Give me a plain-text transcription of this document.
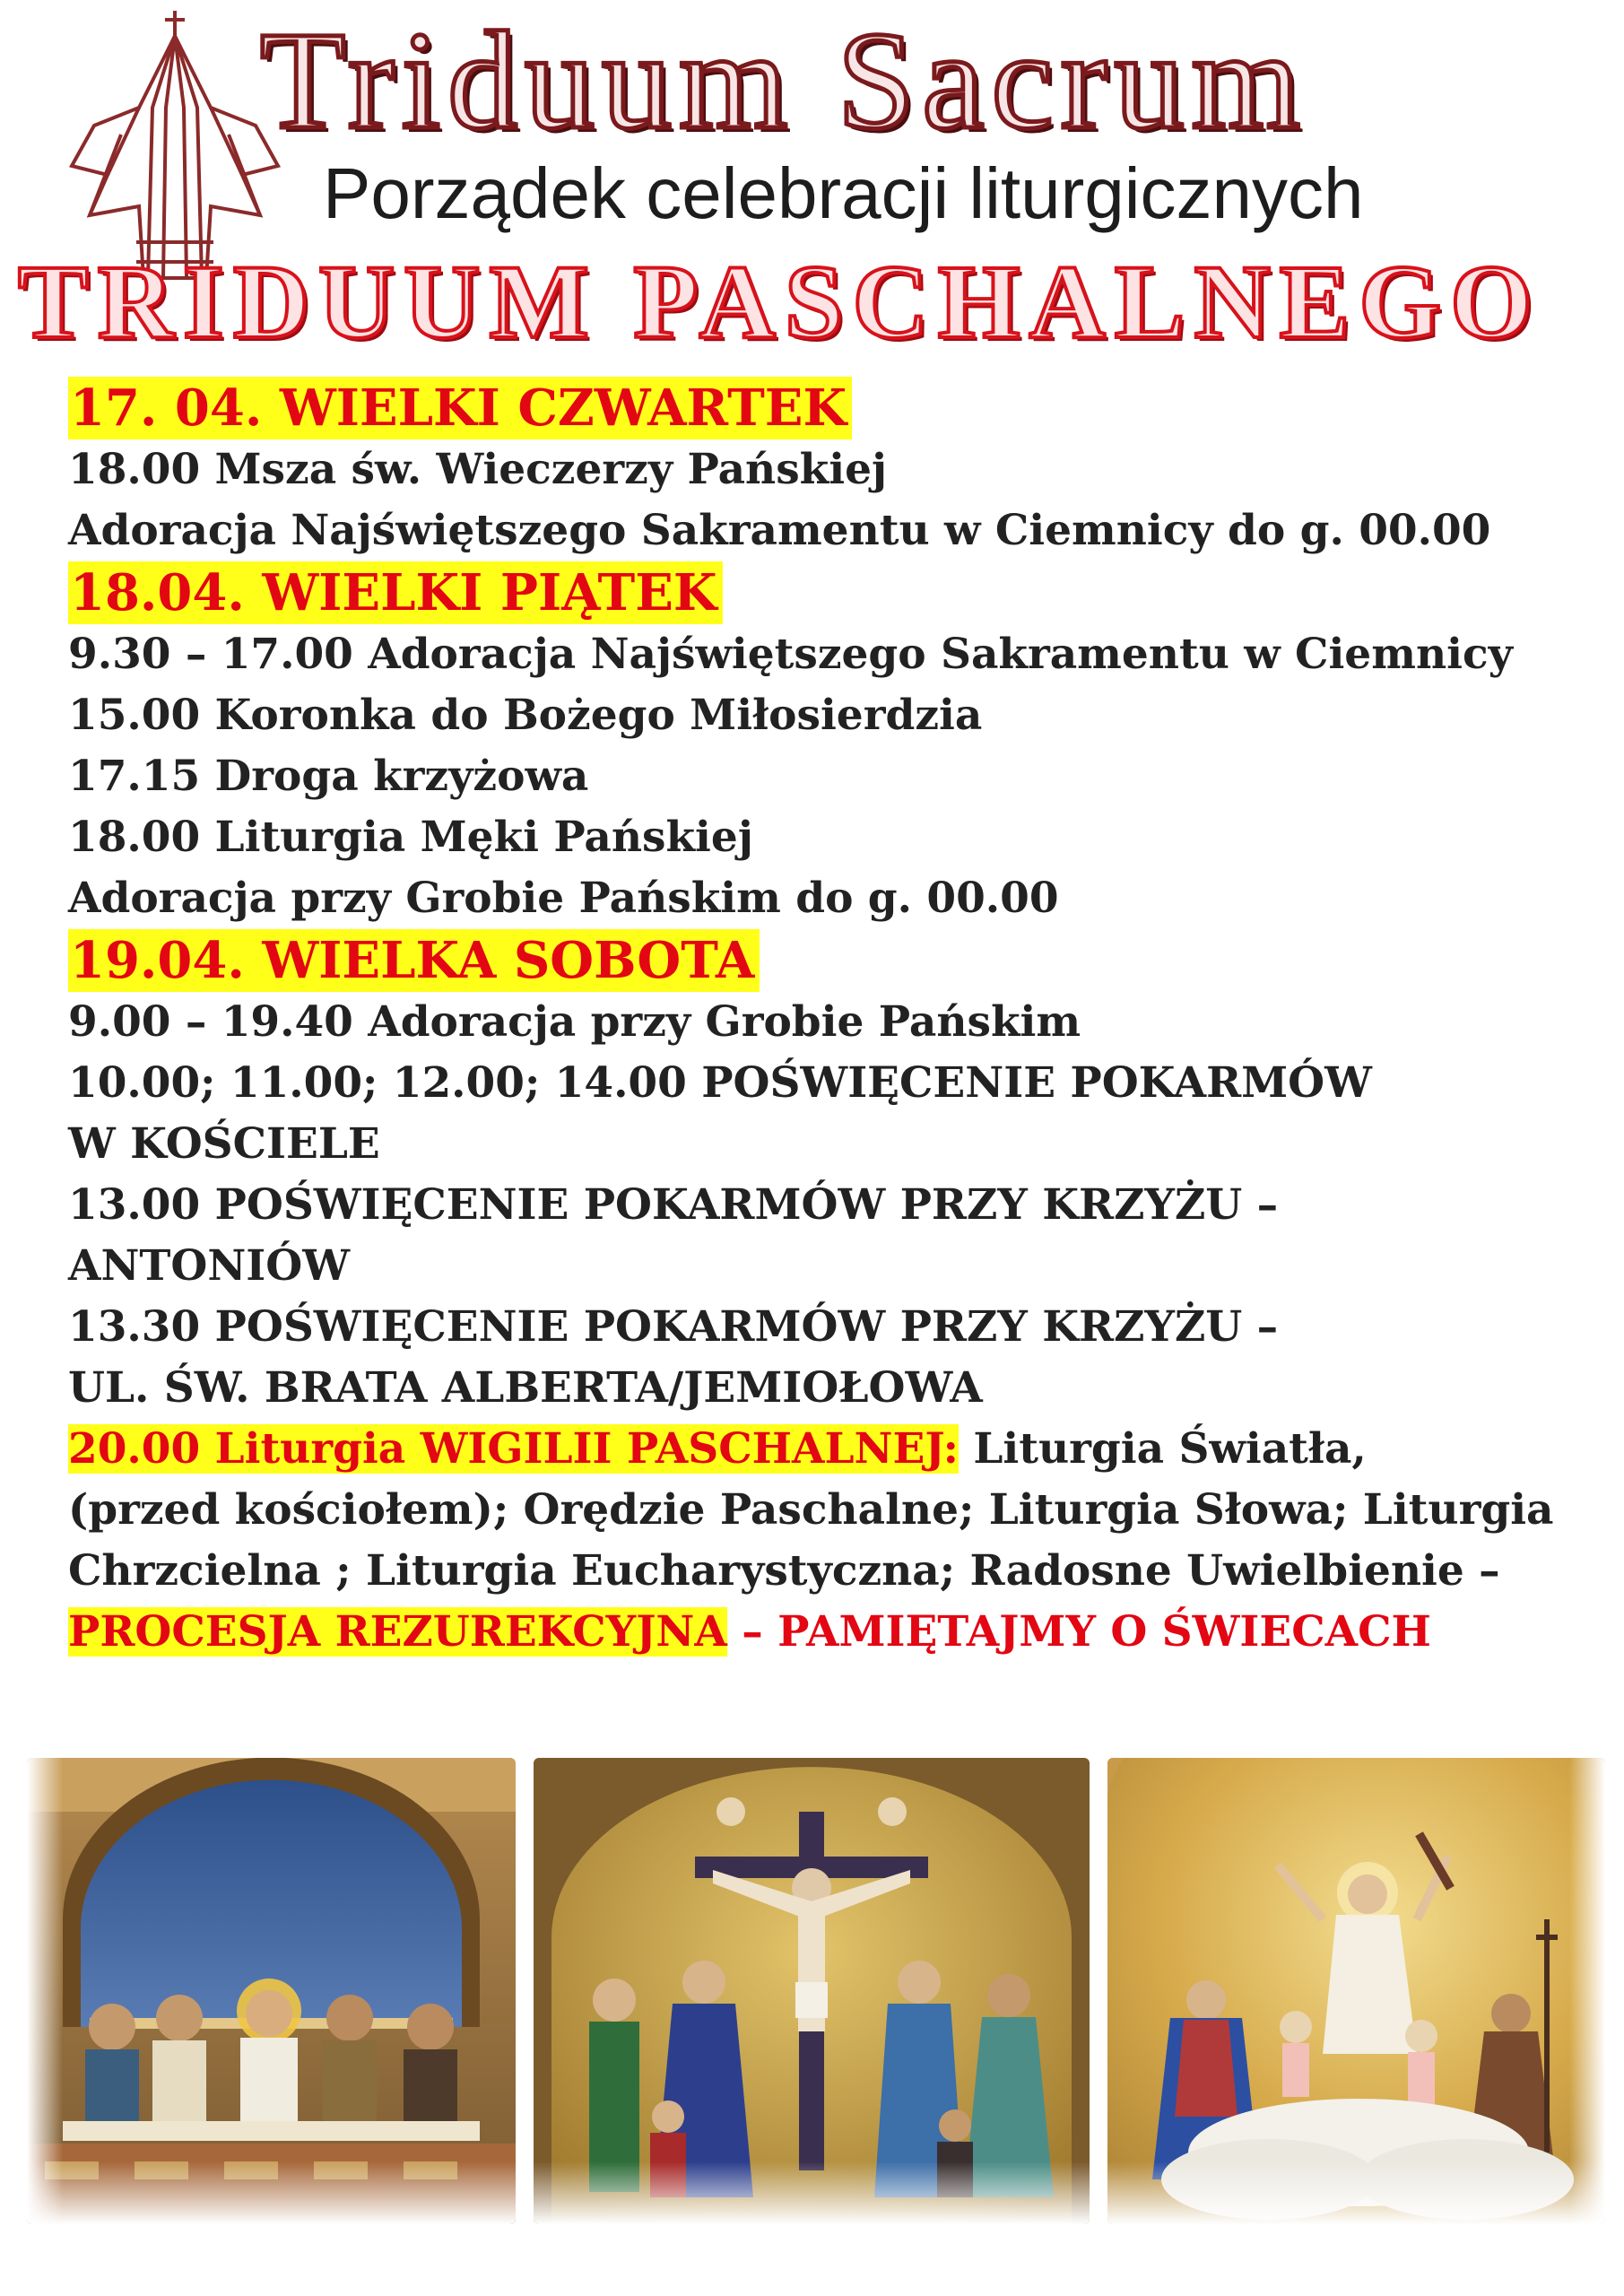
Triduum Sacrum
Porządek celebracji liturgicznych
TRIDUUM PASCHALNEGO
17. 04. WIELKI CZWARTEK
18.00 Msza św. Wieczerzy Pańskiej
Adoracja Najświętszego Sakramentu w Ciemnicy do g. 00.00
18.04. WIELKI PIĄTEK
9.30 – 17.00 Adoracja Najświętszego Sakramentu w Ciemnicy
15.00 Koronka do Bożego Miłosierdzia
17.15 Droga krzyżowa
18.00 Liturgia Męki Pańskiej
Adoracja przy Grobie Pańskim do g. 00.00
19.04. WIELKA SOBOTA
9.00 – 19.40 Adoracja przy Grobie Pańskim
10.00; 11.00; 12.00; 14.00 POŚWIĘCENIE POKARMÓW
W KOŚCIELE
13.00 POŚWIĘCENIE POKARMÓW PRZY KRZYŻU –
ANTONIÓW
13.30 POŚWIĘCENIE POKARMÓW PRZY KRZYŻU –
UL. ŚW. BRATA ALBERTA/JEMIOŁOWA
20.00 Liturgia WIGILII PASCHALNEJ: Liturgia Światła,
(przed kościołem); Orędzie Paschalne; Liturgia Słowa; Liturgia
Chrzcielna ; Liturgia Eucharystyczna; Radosne Uwielbienie –
PROCESJA REZUREKCYJNA – PAMIĘTAJMY O ŚWIECACH
